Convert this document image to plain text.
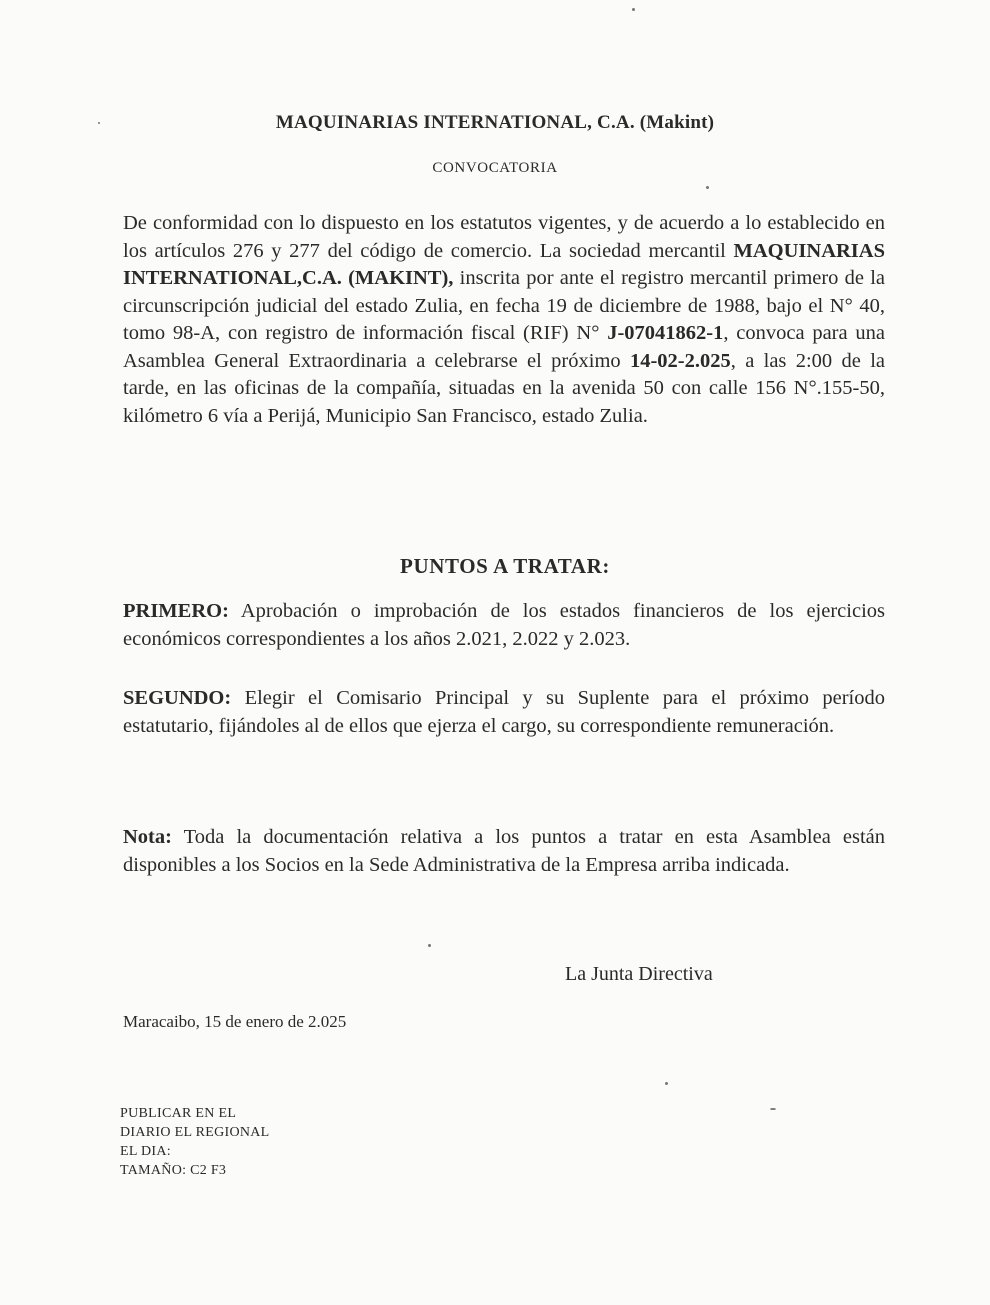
MAQUINARIAS INTERNATIONAL, C.A. (Makint)
CONVOCATORIA

De conformidad con lo dispuesto en los estatutos vigentes, y de acuerdo a lo establecido en los artículos 276 y 277 del código de comercio. La sociedad mercantil MAQUINARIAS INTERNATIONAL,C.A. (MAKINT), inscrita por ante el registro mercantil primero de la circunscripción judicial del estado Zulia, en fecha 19 de diciembre de 1988, bajo el N° 40, tomo 98-A, con registro de información fiscal (RIF) N° J-07041862-1, convoca para una Asamblea General Extraordinaria a celebrarse el próximo 14-02-2.025, a las 2:00 de la tarde, en las oficinas de la compañía, situadas en la avenida 50 con calle 156 N°.155-50, kilómetro 6 vía a Perijá, Municipio San Francisco, estado Zulia.

PUNTOS A TRATAR:

PRIMERO: Aprobación o improbación de los estados financieros de los ejercicios económicos correspondientes a los años 2.021, 2.022 y 2.023.

SEGUNDO: Elegir el Comisario Principal y su Suplente para el próximo período estatutario, fijándoles al de ellos que ejerza el cargo, su correspondiente remuneración.

Nota: Toda la documentación relativa a los puntos a tratar en esta Asamblea están disponibles a los Socios en la Sede Administrativa de la Empresa arriba indicada.

La Junta Directiva
Maracaibo, 15 de enero de 2.025
PUBLICAR EN EL
DIARIO EL REGIONAL
EL DIA:
TAMAÑO: C2 F3
